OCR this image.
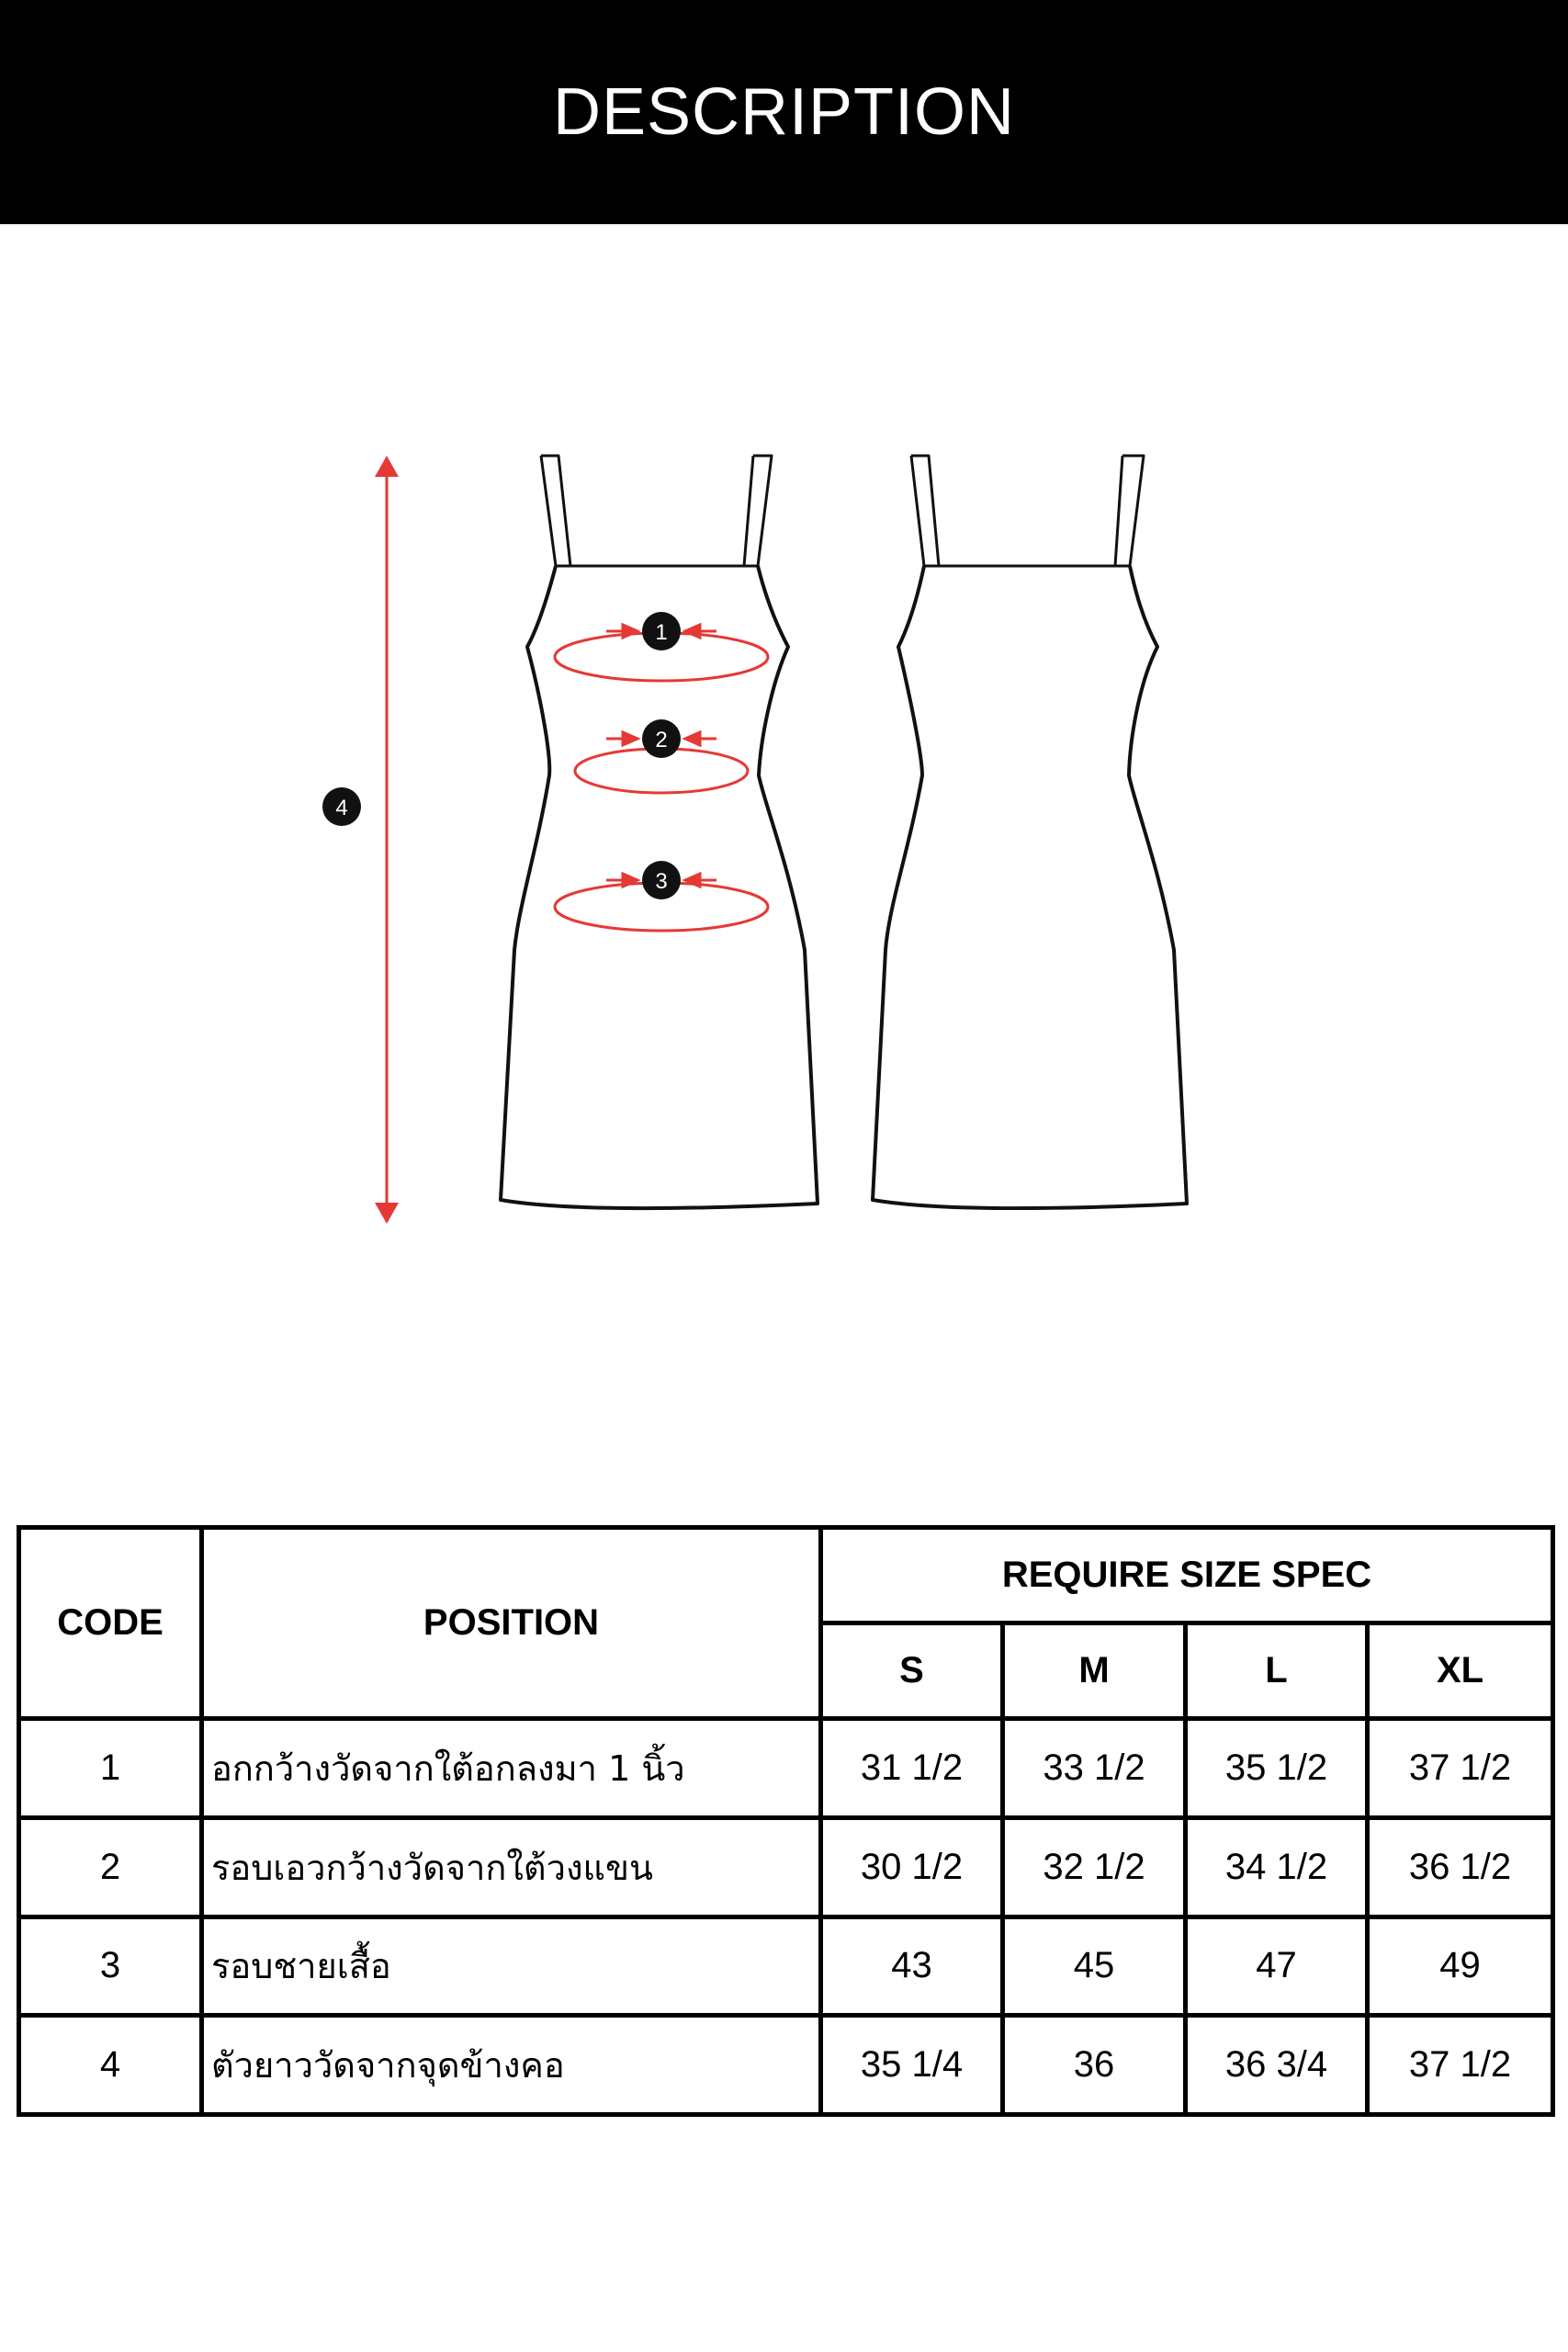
DESCRIPTION
1
2
3
4
CODE	POSITION	REQUIRE SIZE SPEC			
		S	M	L	XL
1	อกกว้างวัดจากใต้อกลงมา 1 นิ้ว	31 1/2	33 1/2	35 1/2	37 1/2
2	รอบเอวกว้างวัดจากใต้วงแขน	30 1/2	32 1/2	34 1/2	36 1/2
3	รอบชายเสื้อ	43	45	47	49
4	ตัวยาววัดจากจุดข้างคอ	35 1/4	36	36 3/4	37 1/2
